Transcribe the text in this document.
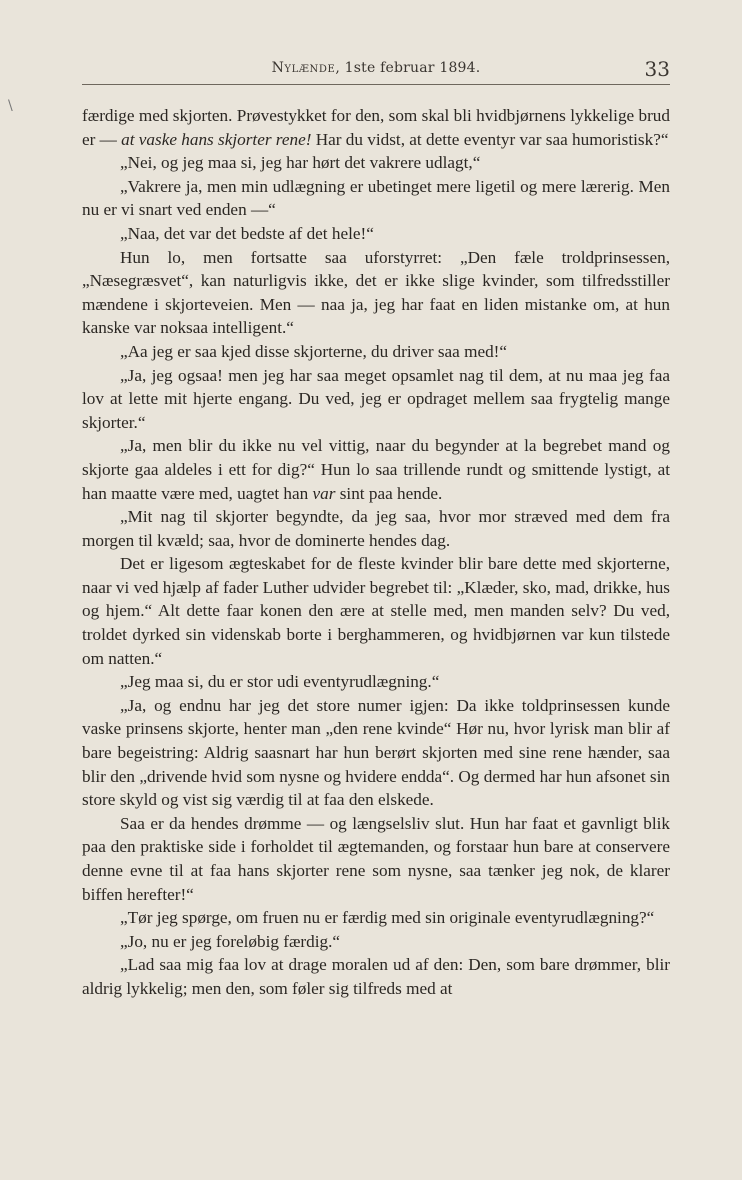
\
Nylænde, 1ste februar 1894.	33

færdige med skjorten. Prøvestykket for den, som skal bli hvidbjørnens lykkelige brud er — at vaske hans skjorter rene! Har du vidst, at dette eventyr var saa humoristisk?“

„Nei, og jeg maa si, jeg har hørt det vakrere udlagt,“

„Vakrere ja, men min udlægning er ubetinget mere ligetil og mere lærerig. Men nu er vi snart ved enden —“

„Naa, det var det bedste af det hele!“

Hun lo, men fortsatte saa uforstyrret: „Den fæle troldprinsessen, „Næsegræsvet“, kan naturligvis ikke, det er ikke slige kvinder, som tilfredsstiller mændene i skjorteveien. Men — naa ja, jeg har faat en liden mistanke om, at hun kanske var noksaa intelligent.“

„Aa jeg er saa kjed disse skjorterne, du driver saa med!“

„Ja, jeg ogsaa! men jeg har saa meget opsamlet nag til dem, at nu maa jeg faa lov at lette mit hjerte engang. Du ved, jeg er opdraget mellem saa frygtelig mange skjorter.“

„Ja, men blir du ikke nu vel vittig, naar du begynder at la begrebet mand og skjorte gaa aldeles i ett for dig?“ Hun lo saa trillende rundt og smittende lystigt, at han maatte være med, uagtet han var sint paa hende.

„Mit nag til skjorter begyndte, da jeg saa, hvor mor stræved med dem fra morgen til kvæld; saa, hvor de dominerte hendes dag.

Det er ligesom ægteskabet for de fleste kvinder blir bare dette med skjorterne, naar vi ved hjælp af fader Luther udvider begrebet til: „Klæder, sko, mad, drikke, hus og hjem.“ Alt dette faar konen den ære at stelle med, men manden selv? Du ved, troldet dyrked sin videnskab borte i berghammeren, og hvidbjørnen var kun tilstede om natten.“

„Jeg maa si, du er stor udi eventyrudlægning.“

„Ja, og endnu har jeg det store numer igjen: Da ikke toldprinsessen kunde vaske prinsens skjorte, henter man „den rene kvinde“ Hør nu, hvor lyrisk man blir af bare begeistring: Aldrig saasnart har hun berørt skjorten med sine rene hænder, saa blir den „drivende hvid som nysne og hvidere endda“. Og dermed har hun afsonet sin store skyld og vist sig værdig til at faa den elskede.

Saa er da hendes drømme — og længselsliv slut. Hun har faat et gavnligt blik paa den praktiske side i forholdet til ægtemanden, og forstaar hun bare at conservere denne evne til at faa hans skjorter rene som nysne, saa tænker jeg nok, de klarer biffen herefter!“

„Tør jeg spørge, om fruen nu er færdig med sin originale eventyrudlægning?“

„Jo, nu er jeg foreløbig færdig.“

„Lad saa mig faa lov at drage moralen ud af den: Den, som bare drømmer, blir aldrig lykkelig; men den, som føler sig tilfreds med at
